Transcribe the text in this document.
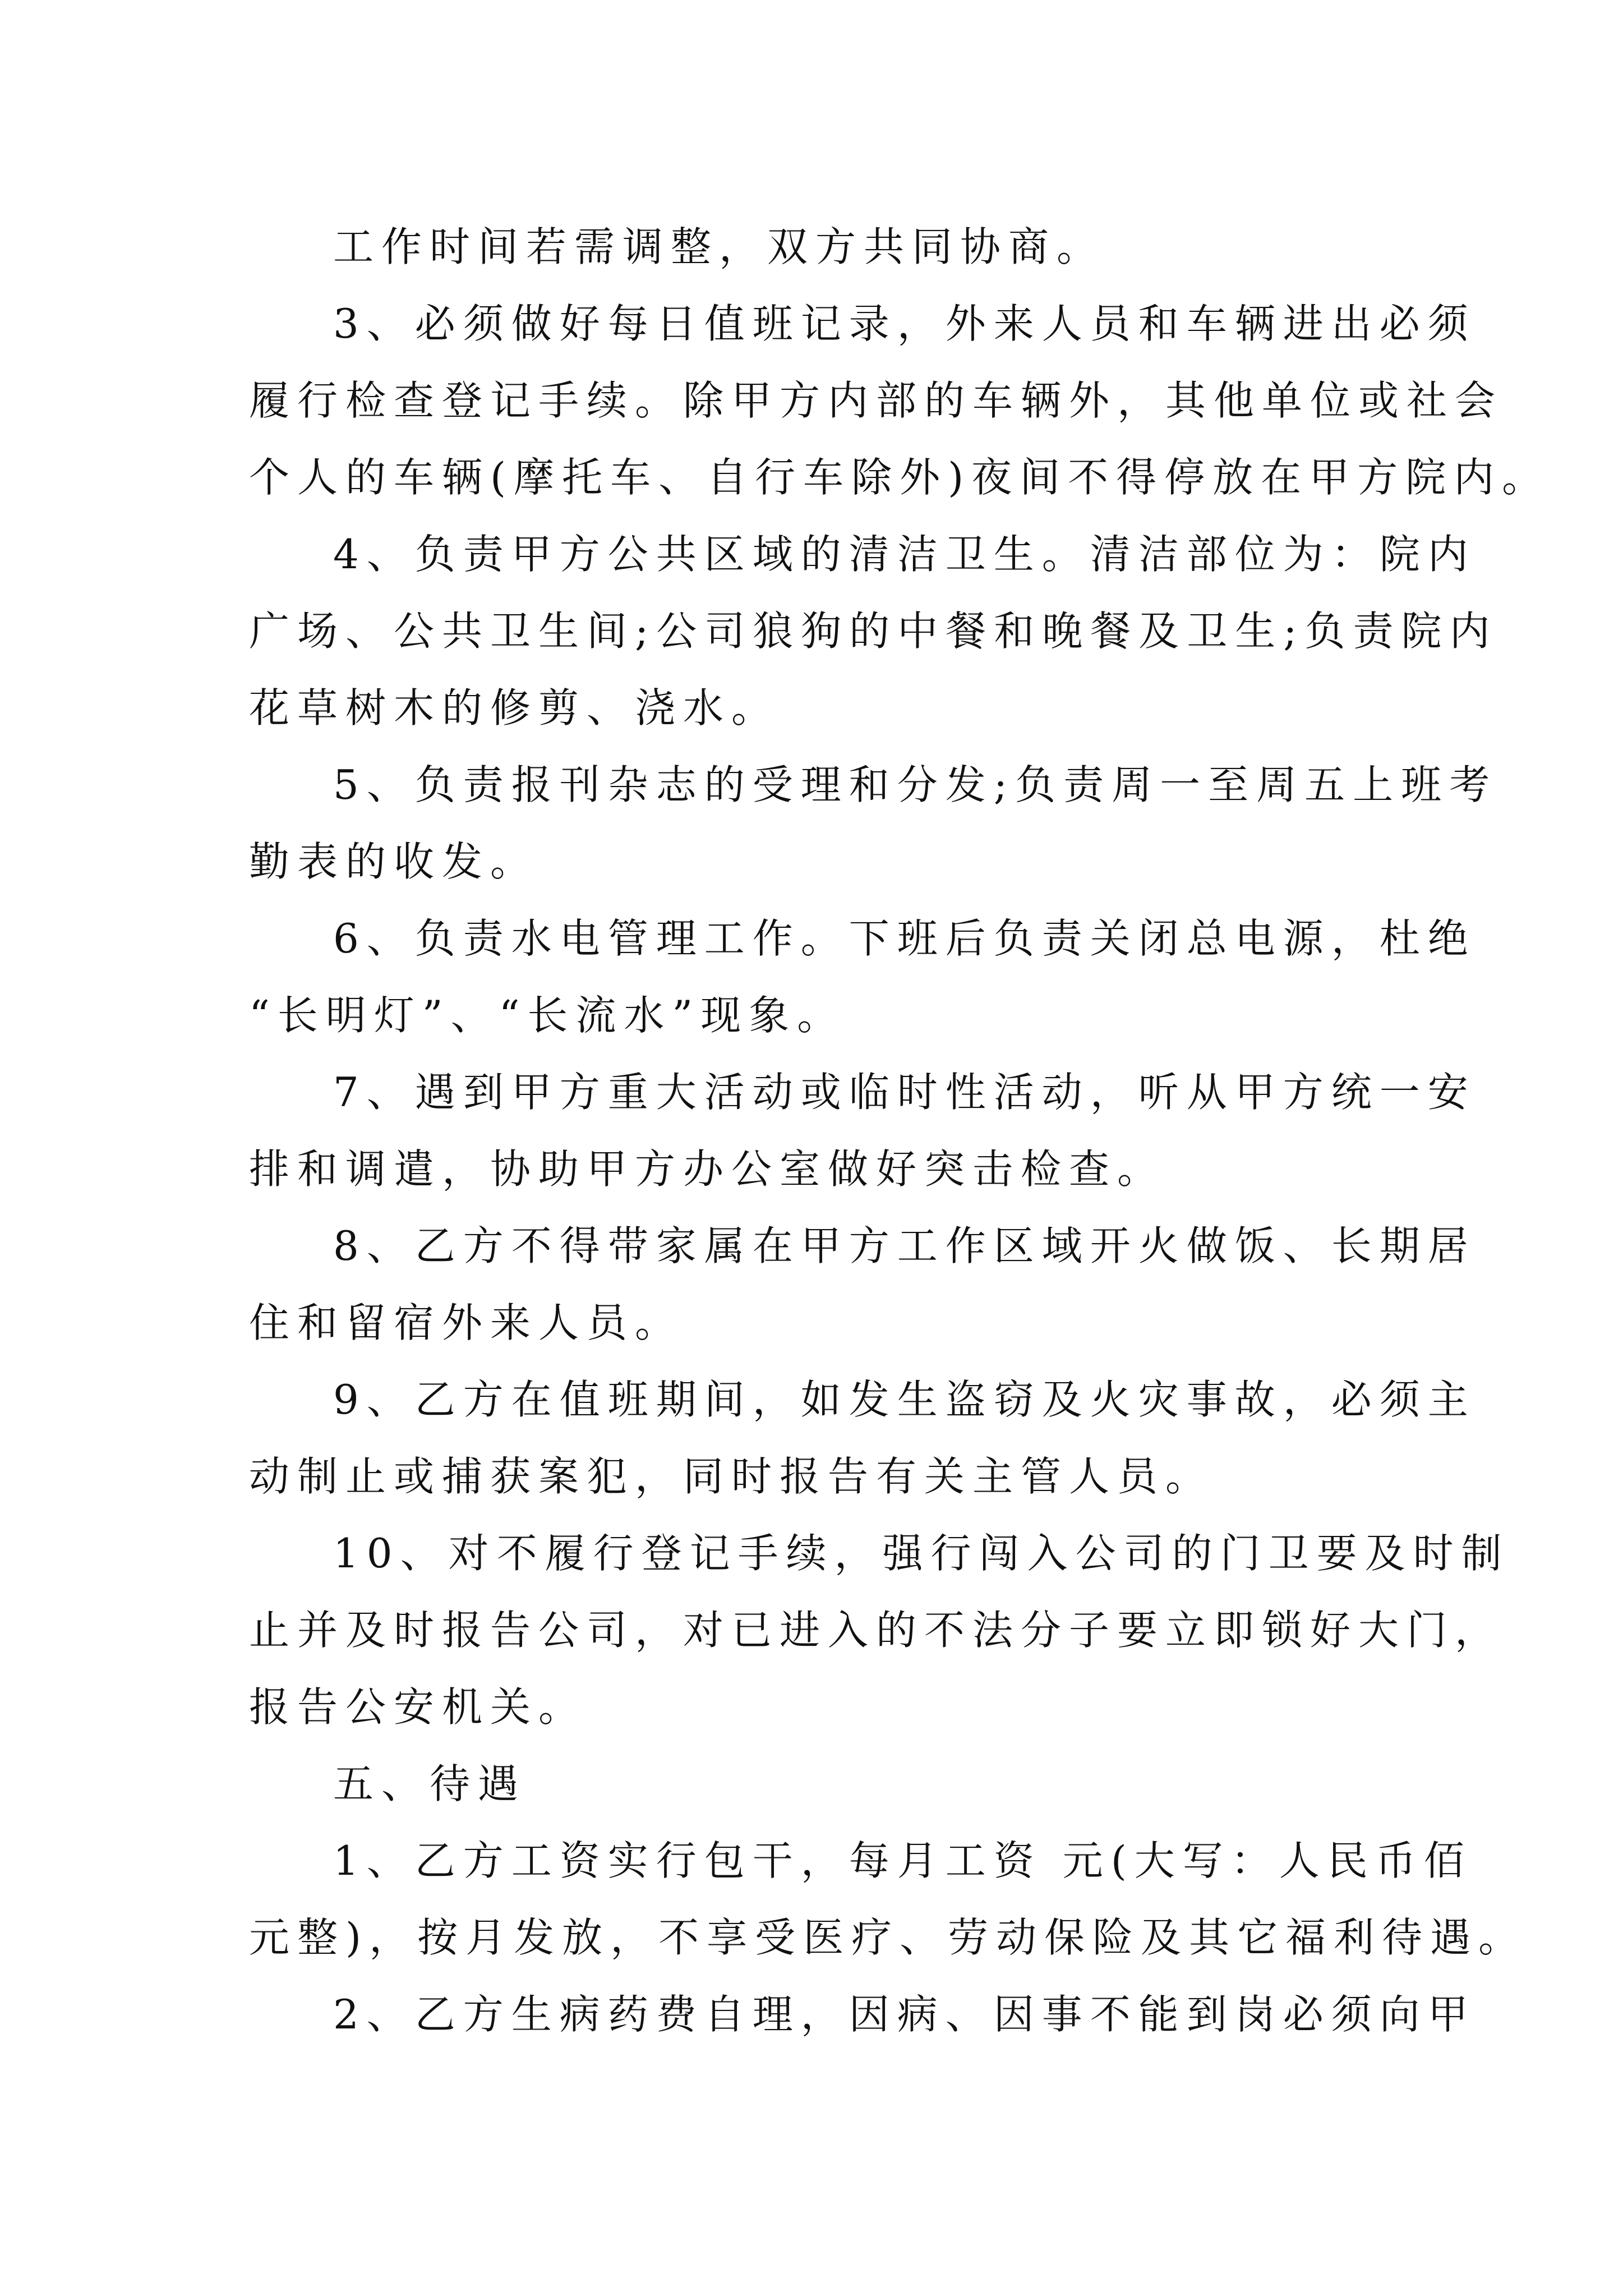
工作时间若需调整，双方共同协商。

3、必须做好每日值班记录，外来人员和车辆进出必须
履行检查登记手续。除甲方内部的车辆外，其他单位或社会
个人的车辆(摩托车、自行车除外)夜间不得停放在甲方院内。

4、负责甲方公共区域的清洁卫生。清洁部位为：院内
广场、公共卫生间;公司狼狗的中餐和晚餐及卫生;负责院内
花草树木的修剪、浇水。

5、负责报刊杂志的受理和分发;负责周一至周五上班考
勤表的收发。

6、负责水电管理工作。下班后负责关闭总电源，杜绝
“长明灯”、“长流水”现象。

7、遇到甲方重大活动或临时性活动，听从甲方统一安
排和调遣，协助甲方办公室做好突击检查。

8、乙方不得带家属在甲方工作区域开火做饭、长期居
住和留宿外来人员。

9、乙方在值班期间，如发生盗窃及火灾事故，必须主
动制止或捕获案犯，同时报告有关主管人员。

10、对不履行登记手续，强行闯入公司的门卫要及时制
止并及时报告公司，对已进入的不法分子要立即锁好大门，
报告公安机关。

五、待遇

1、乙方工资实行包干，每月工资 元(大写：人民币佰
元整)，按月发放，不享受医疗、劳动保险及其它福利待遇。

2、乙方生病药费自理，因病、因事不能到岗必须向甲
